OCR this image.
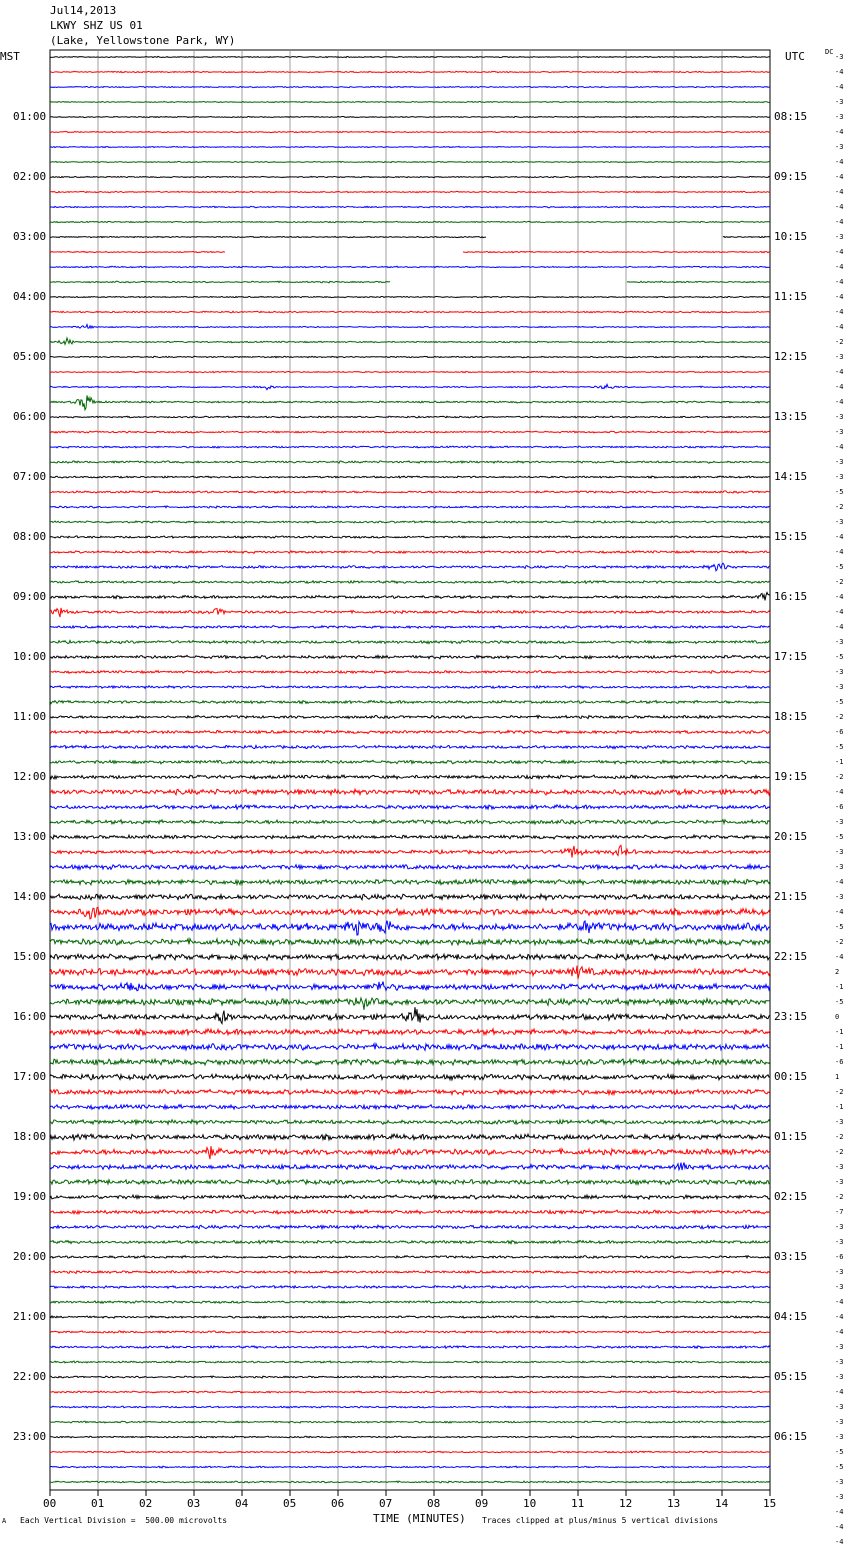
Jul14,2013
LKWY SHZ US 01
(Lake, Yellowstone Park, WY)
MST	UTC	DC
01:00
02:00
03:00
04:00
05:00
06:00
07:00
08:00
09:00
10:00
11:00
12:00
13:00
14:00
15:00
16:00
17:00
18:00
19:00
20:00
21:00
22:00
23:00
08:15
09:15
10:15
11:15
12:15
13:15
14:15
15:15
16:15
17:15
18:15
19:15
20:15
21:15
22:15
23:15
00:15
01:15
02:15
03:15
04:15
05:15
06:15
-3
-4
-4
-3
-3
-4
-3
-4
-4
-4
-4
-4
-3
-4
-4
-4
-4
-4
-4
-2
-3
-4
-4
-4
-3
-3
-4
-3
-3
-5
-2
-3
-4
-4
-5
-2
-4
-4
-4
-3
-5
-3
-3
-5
-2
-6
-5
-1
-2
-4
-6
-3
-5
-3
-3
-4
-3
-4
-5
-2
-4
2
-1
-5
0
-1
-1
-6
1
-2
-1
-3
-2
-2
-3
-3
-2
-7
-3
-3
-6
-3
-3
-4
-4
-4
-3
-3
-3
-4
-3
-3
-3
-5
-5
-3
-3
-4
-4
-4
00	01	02	03	04	05	06	07	08	09	10	11	12	13	14	15
A Each Vertical Division =  500.00 microvolts	TIME (MINUTES) Traces clipped at plus/minus 5 vertical divisions
